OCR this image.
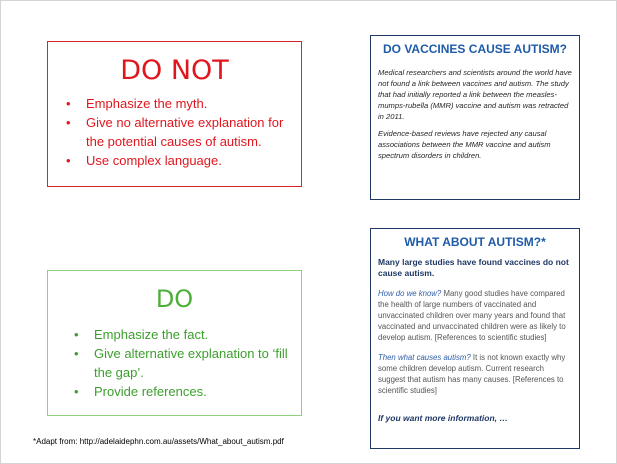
DO NOT
• Emphasize the myth.
• Give no alternative explanation for the potential causes of autism.
• Use complex language.
DO
• Emphasize the fact.
• Give alternative explanation to ‘fill the gap’.
• Provide references.
DO VACCINES CAUSE AUTISM?

Medical researchers and scientists around the world have not found a link between vaccines and autism. The study that had initially reported a link between the measles-mumps-rubella (MMR) vaccine and autism was retracted in 2011.

Evidence-based reviews have rejected any causal associations between the MMR vaccine and autism spectrum disorders in children.

WHAT ABOUT AUTISM?*

Many large studies have found vaccines do not cause autism.

How do we know? Many good studies have compared the health of large numbers of vaccinated and unvaccinated children over many years and found that vaccinated and unvaccinated children were as likely to develop autism. [References to scientific studies]

Then what causes autism? It is not known exactly why some children develop autism. Current research suggest that autism has many causes. [References to scientific studies]

If you want more information, …

*Adapt from: http://adelaidephn.com.au/assets/What_about_autism.pdf
